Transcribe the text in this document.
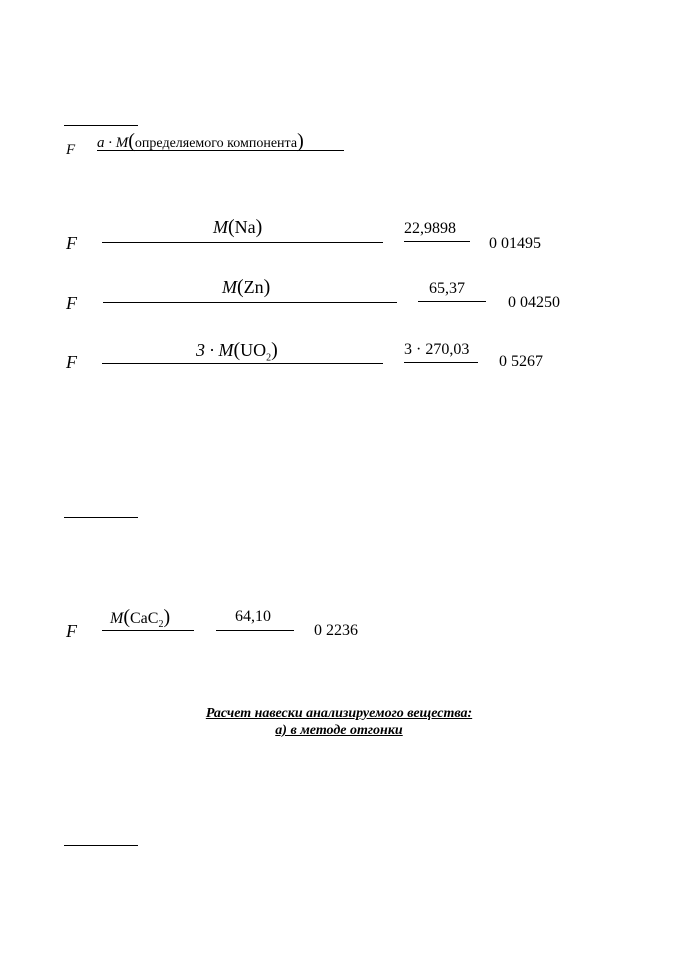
F a · M(определяемого компонента)
F
M(Na)	22,9898
0 01495
F
M(Zn)	65,37
0 04250
F
$3 \cdot M(UO_2)$	3 · 270,03
0 5267
F
M(CaC$_2$)	64,10
0 2236
Расчет навески анализируемого вещества:
а) в методе отгонки
